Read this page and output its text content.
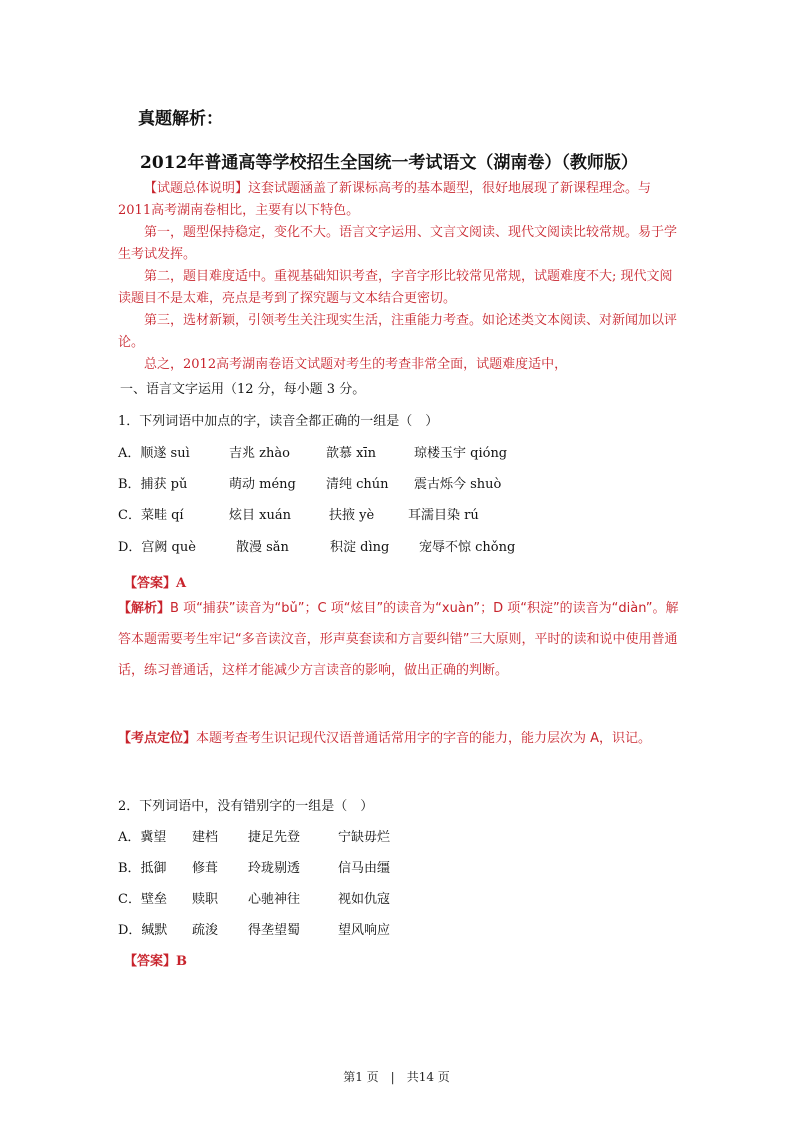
真题解析：
2012年普通高等学校招生全国统一考试语文（湖南卷）（教师版）
【试题总体说明】这套试题涵盖了新课标高考的基本题型，很好地展现了新课程理念。与2011高考湖南卷相比，主要有以下特色。
第一，题型保持稳定，变化不大。语言文字运用、文言文阅读、现代文阅读比较常规。易于学生考试发挥。
第二，题目难度适中。重视基础知识考查，字音字形比较常见常规，试题难度不大; 现代文阅读题目不是太难，亮点是考到了探究题与文本结合更密切。
第三，选材新颖，引领考生关注现实生活，注重能力考查。如论述类文本阅读、对新闻加以评论。
总之，2012高考湖南卷语文试题对考生的考查非常全面，试题难度适中，
一、语言文字运用（12 分，每小题 3 分。
1．下列词语中加点的字，读音全都正确的一组是（　）
A．顺遂 suì	吉兆 zhào	歆慕 xīn	琼楼玉宇 qióng
B．捕获 pǔ	萌动 méng 清纯 chún 震古烁今 shuò
C．菜畦 qí	炫目 xuán	扶掖 yè	耳濡目染 rú
D．宫阙 què	散漫 sǎn	积淀 dìng 宠辱不惊 chǒng
【答案】A
【解析】B 项“捕获”读音为“bǔ”；C 项“炫目”的读音为“xuàn”；D 项“积淀”的读音为“diàn”。解答本题需要考生牢记“多音读汶音，形声莫套读和方言要纠错”三大原则，平时的读和说中使用普通话，练习普通话，这样才能减少方言读音的影响，做出正确的判断。
【考点定位】本题考查考生识记现代汉语普通话常用字的字音的能力，能力层次为 A，识记。
2．下列词语中，没有错别字的一组是（　）
A．冀望 建档 捷足先登	宁缺毋烂
B．抵御 修葺 玲珑剔透	信马由缰
C．壁垒 赎职 心驰神往	视如仇寇
D．缄默 疏浚 得垄望蜀	望风响应
【答案】B
第1 页　|　共14 页
